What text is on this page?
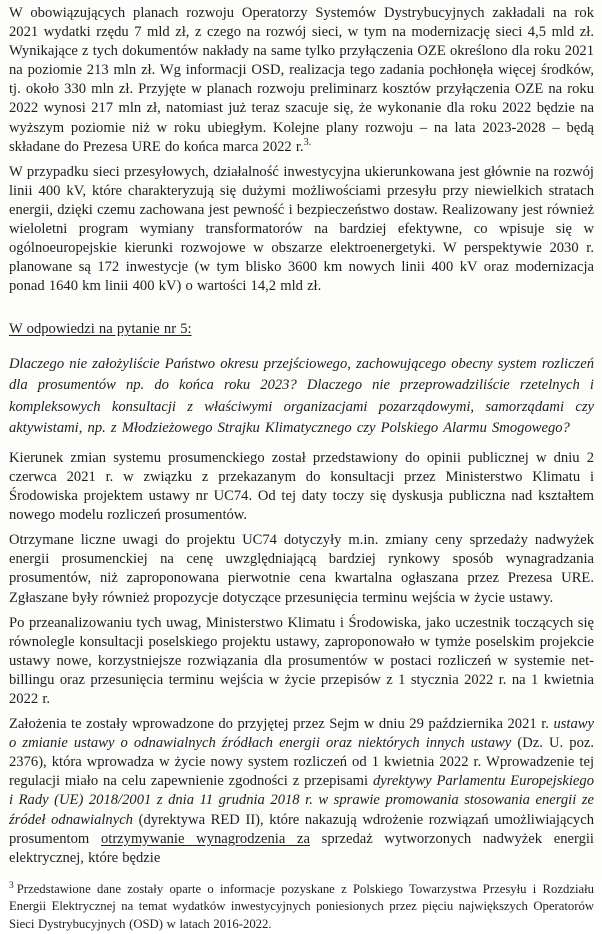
W obowiązujących planach rozwoju Operatorzy Systemów Dystrybucyjnych zakładali na rok 2021 wydatki rzędu 7 mld zł, z czego na rozwój sieci, w tym na modernizację sieci 4,5 mld zł. Wynikające z tych dokumentów nakłady na same tylko przyłączenia OZE określono dla roku 2021 na poziomie 213 mln zł. Wg informacji OSD, realizacja tego zadania pochłonęła więcej środków, tj. około 330 mln zł. Przyjęte w planach rozwoju preliminarz kosztów przyłączenia OZE na roku 2022 wynosi 217 mln zł, natomiast już teraz szacuje się, że wykonanie dla roku 2022 będzie na wyższym poziomie niż w roku ubiegłym. Kolejne plany rozwoju – na lata 2023-2028 – będą składane do Prezesa URE do końca marca 2022 r.$^{3.}$

W przypadku sieci przesyłowych, działalność inwestycyjna ukierunkowana jest głównie na rozwój linii 400 kV, które charakteryzują się dużymi możliwościami przesyłu przy niewielkich stratach energii, dzięki czemu zachowana jest pewność i bezpieczeństwo dostaw. Realizowany jest również wieloletni program wymiany transformatorów na bardziej efektywne, co wpisuje się w ogólnoeuropejskie kierunki rozwojowe w obszarze elektroenergetyki. W perspektywie 2030 r. planowane są 172 inwestycje (w tym blisko 3600 km nowych linii 400 kV oraz modernizacja ponad 1640 km linii 400 kV) o wartości 14,2 mld zł.

W odpowiedzi na pytanie nr 5:

Dlaczego nie założyliście Państwo okresu przejściowego, zachowującego obecny system rozliczeń dla prosumentów np. do końca roku 2023? Dlaczego nie przeprowadziliście rzetelnych i kompleksowych konsultacji z właściwymi organizacjami pozarządowymi, samorządami czy aktywistami, np. z Młodzieżowego Strajku Klimatycznego czy Polskiego Alarmu Smogowego?

Kierunek zmian systemu prosumenckiego został przedstawiony do opinii publicznej w dniu 2 czerwca 2021 r. w związku z przekazanym do konsultacji przez Ministerstwo Klimatu i Środowiska projektem ustawy nr UC74. Od tej daty toczy się dyskusja publiczna nad kształtem nowego modelu rozliczeń prosumentów.

Otrzymane liczne uwagi do projektu UC74 dotyczyły m.in. zmiany ceny sprzedaży nadwyżek energii prosumenckiej na cenę uwzględniającą bardziej rynkowy sposób wynagradzania prosumentów, niż zaproponowana pierwotnie cena kwartalna ogłaszana przez Prezesa URE. Zgłaszane były również propozycje dotyczące przesunięcia terminu wejścia w życie ustawy.

Po przeanalizowaniu tych uwag, Ministerstwo Klimatu i Środowiska, jako uczestnik toczących się równolegle konsultacji poselskiego projektu ustawy, zaproponowało w tymże poselskim projekcie ustawy nowe, korzystniejsze rozwiązania dla prosumentów w postaci rozliczeń w systemie net-billingu oraz przesunięcia terminu wejścia w życie przepisów z 1 stycznia 2022 r. na 1 kwietnia 2022 r.

Założenia te zostały wprowadzone do przyjętej przez Sejm w dniu 29 października 2021 r. ustawy o zmianie ustawy o odnawialnych źródłach energii oraz niektórych innych ustawy (Dz. U. poz. 2376), która wprowadza w życie nowy system rozliczeń od 1 kwietnia 2022 r. Wprowadzenie tej regulacji miało na celu zapewnienie zgodności z przepisami dyrektywy Parlamentu Europejskiego i Rady (UE) 2018/2001 z dnia 11 grudnia 2018 r. w sprawie promowania stosowania energii ze źródeł odnawialnych (dyrektywa RED II), które nakazują wdrożenie rozwiązań umożliwiających prosumentom otrzymywanie wynagrodzenia za sprzedaż wytworzonych nadwyżek energii elektrycznej, które będzie

$^3$ Przedstawione dane zostały oparte o informacje pozyskane z Polskiego Towarzystwa Przesyłu i Rozdziału Energii Elektrycznej na temat wydatków inwestycyjnych poniesionych przez pięciu największych Operatorów Sieci Dystrybucyjnych (OSD) w latach 2016-2022.
